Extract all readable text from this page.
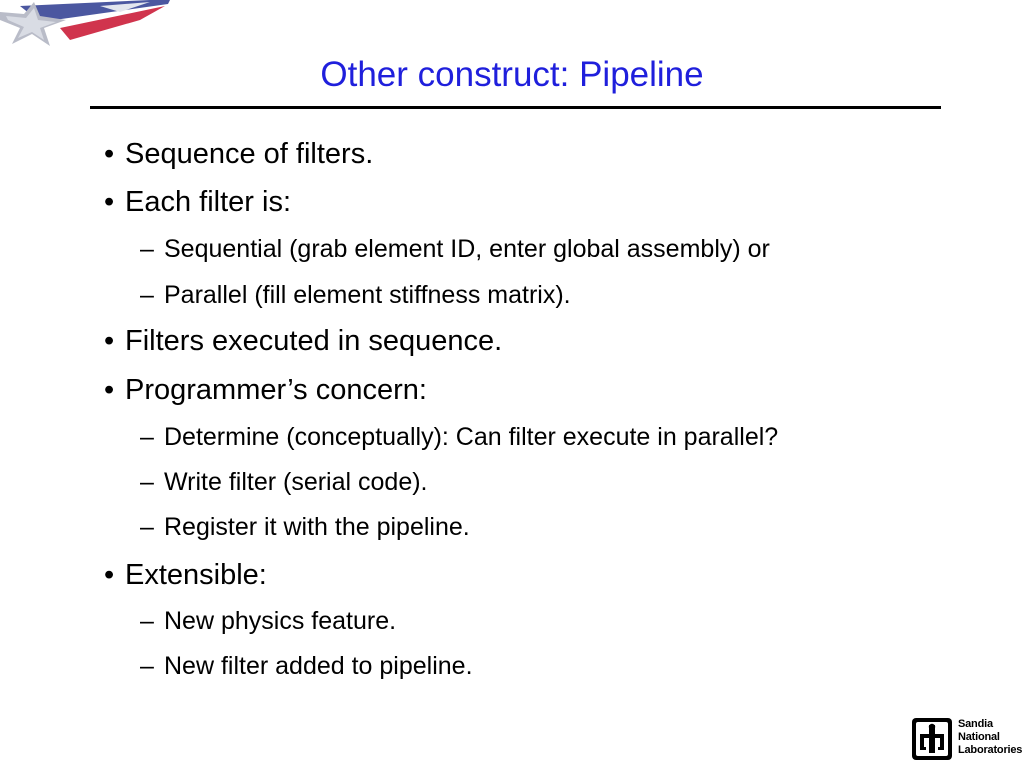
Other construct: Pipeline
• Sequence of filters.
• Each filter is:
– Sequential (grab element ID, enter global assembly) or
– Parallel (fill element stiffness matrix).
• Filters executed in sequence.
• Programmer’s concern:
– Determine (conceptually): Can filter execute in parallel?
– Write filter (serial code).
– Register it with the pipeline.
• Extensible:
– New physics feature.
– New filter added to pipeline.
Sandia
National
Laboratories
